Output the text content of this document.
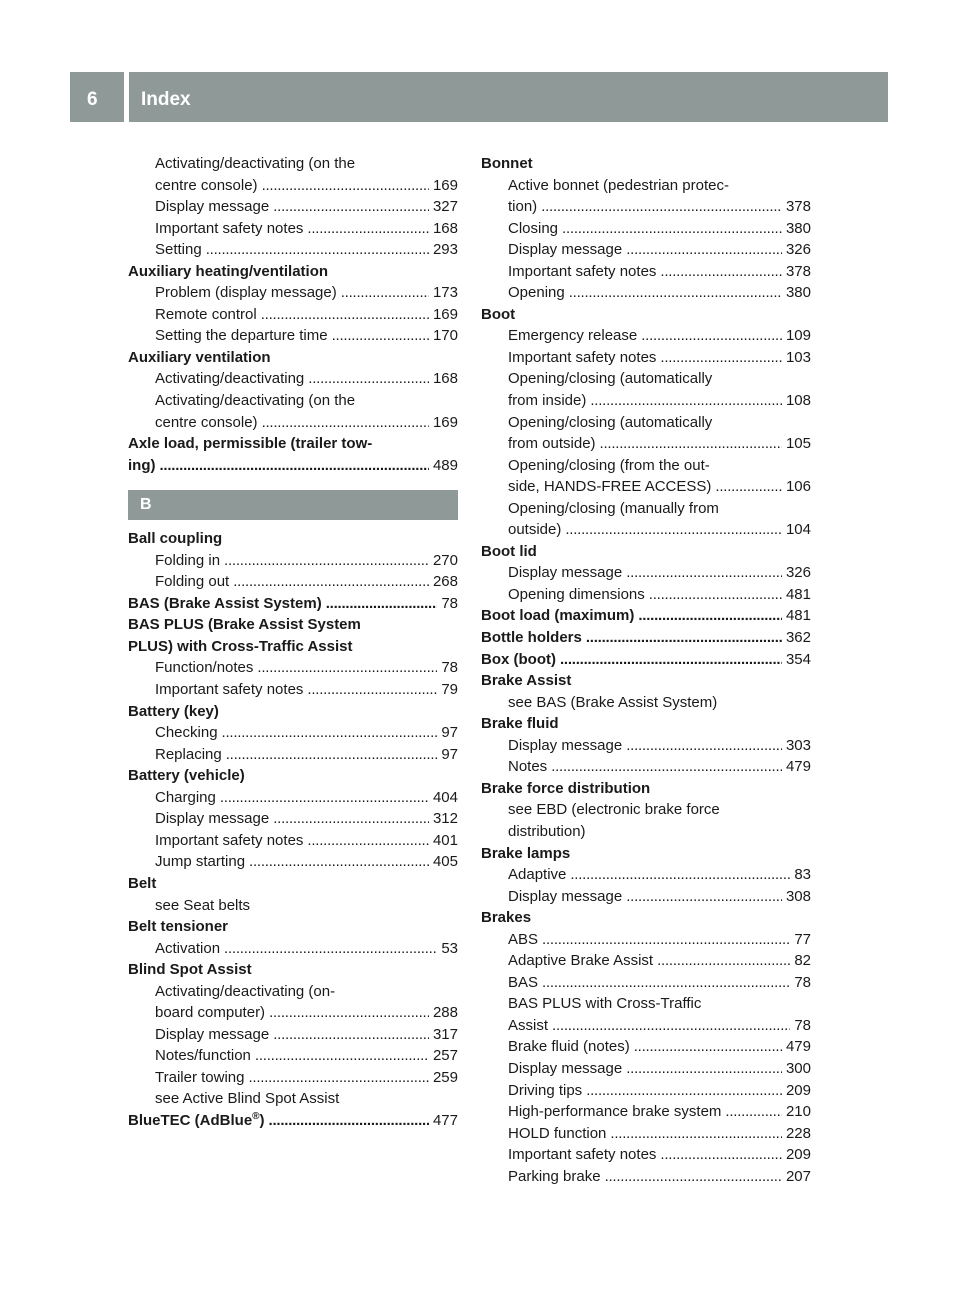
6 Index
Activating/deactivating (on the
centre console) . . .	169
Display message . . .	327
Important safety notes . . .	168
Setting . . .	293
Auxiliary heating/ventilation
Problem (display message) . . .	173
Remote control . . .	169
Setting the departure time . . .	170
Auxiliary ventilation
Activating/deactivating . . .	168
Activating/deactivating (on the
centre console) . . .	169
Axle load, permissible (trailer tow-
ing) . . .	489
B
Ball coupling
Folding in . . .	270
Folding out . . .	268
BAS (Brake Assist System) . . .	78
BAS PLUS (Brake Assist System
PLUS) with Cross-Traffic Assist
Function/notes . . .	78
Important safety notes . . .	79
Battery (key)
Checking . . .	97
Replacing . . .	97
Battery (vehicle)
Charging . . .	404
Display message . . .	312
Important safety notes . . .	401
Jump starting . . .	405
Belt
see Seat belts
Belt tensioner
Activation . . .	53
Blind Spot Assist
Activating/deactivating (on-
board computer) . . .	288
Display message . . .	317
Notes/function . . .	257
Trailer towing . . .	259
see Active Blind Spot Assist
BlueTEC (AdBlue®) . . .	477
Bonnet
Active bonnet (pedestrian protec-
tion) . . .	378
Closing . . .	380
Display message . . .	326
Important safety notes . . .	378
Opening . . .	380
Boot
Emergency release . . .	109
Important safety notes . . .	103
Opening/closing (automatically
from inside) . . .	108
Opening/closing (automatically
from outside) . . .	105
Opening/closing (from the out-
side, HANDS-FREE ACCESS) . . .	106
Opening/closing (manually from
outside) . . .	104
Boot lid
Display message . . .	326
Opening dimensions . . .	481
Boot load (maximum) . . .	481
Bottle holders . . .	362
Box (boot) . . .	354
Brake Assist
see BAS (Brake Assist System)
Brake fluid
Display message . . .	303
Notes . . .	479
Brake force distribution
see EBD (electronic brake force
distribution)
Brake lamps
Adaptive . . .	83
Display message . . .	308
Brakes
ABS . . .	77
Adaptive Brake Assist . . .	82
BAS . . .	78
BAS PLUS with Cross-Traffic
Assist . . .	78
Brake fluid (notes) . . .	479
Display message . . .	300
Driving tips . . .	209
High-performance brake system . . .	210
HOLD function . . .	228
Important safety notes . . .	209
Parking brake . . .	207
